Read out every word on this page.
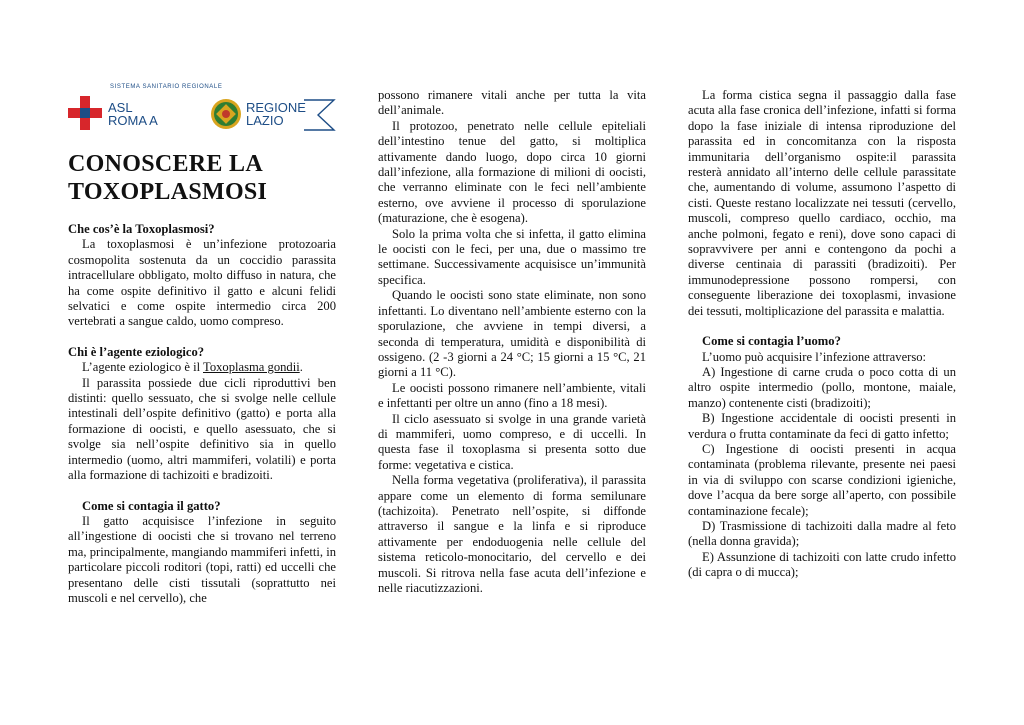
SISTEMA SANITARIO REGIONALE
ASL
ROMA A
REGIONE
LAZIO
CONOSCERE LA
TOXOPLASMOSI

Che cos’è la Toxoplasmosi?

La toxoplasmosi è un’infezione protozoaria cosmopolita sostenuta da un coccidio parassita intracellulare obbligato, molto diffuso in natura, che ha come ospite definitivo il gatto e alcuni felidi selvatici e come ospite intermedio circa 200 vertebrati a sangue caldo, uomo compreso.

Chi è l’agente eziologico?

L’agente eziologico è il Toxoplasma gondii.

Il parassita possiede due cicli riproduttivi ben distinti: quello sessuato, che si svolge nelle cellule intestinali dell’ospite definitivo (gatto) e porta alla formazione di oocisti, e quello asessuato, che si svolge sia nell’ospite definitivo sia in quello intermedio (uomo, altri mammiferi, volatili) e porta alla formazione di tachizoiti e bradizoiti.

Come si contagia il gatto?

Il gatto acquisisce l’infezione in seguito all’ingestione di oocisti che si trovano nel terreno ma, principalmente, mangiando mammiferi infetti, in particolare piccoli roditori (topi, ratti) ed uccelli che presentano delle cisti tissutali (soprattutto nei muscoli e nel cervello), che

possono rimanere vitali anche per tutta la vita dell’animale.

Il protozoo, penetrato nelle cellule epiteliali dell’intestino tenue del gatto, si moltiplica attivamente dando luogo, dopo circa 10 giorni dall’infezione, alla formazione di milioni di oocisti, che verranno eliminate con le feci nell’ambiente esterno, ove avviene il processo di sporulazione (maturazione, che è esogena).

Solo la prima volta che si infetta, il gatto elimina le oocisti con le feci, per una, due o massimo tre settimane. Successivamente acquisisce un’immunità specifica.

Quando le oocisti sono state eliminate, non sono infettanti. Lo diventano nell’ambiente esterno con la sporulazione, che avviene in tempi diversi, a seconda di temperatura, umidità e disponibilità di ossigeno. (2 -3 giorni a 24 °C; 15 giorni a 15 °C, 21 giorni a 11 °C).

Le oocisti possono rimanere nell’ambiente, vitali e infettanti per oltre un anno (fino a 18 mesi).

Il ciclo asessuato si svolge in una grande varietà di mammiferi, uomo compreso, e di uccelli. In questa fase il toxoplasma si presenta sotto due forme: vegetativa e cistica.

Nella forma vegetativa (proliferativa), il parassita appare come un elemento di forma semilunare (tachizoita). Penetrato nell’ospite, si diffonde attraverso il sangue e la linfa e si riproduce attivamente per endoduogenia nelle cellule del sistema reticolo-monocitario, del cervello e dei muscoli. Si ritrova nella fase acuta dell’infezione e nelle riacutizzazioni.

La forma cistica segna il passaggio dalla fase acuta alla fase cronica dell’infezione, infatti si forma dopo la fase iniziale di intensa riproduzione del parassita ed in concomitanza con la risposta immunitaria dell’organismo ospite:il parassita resterà annidato all’interno delle cellule parassitate che, aumentando di volume, assumono l’aspetto di cisti. Queste restano localizzate nei tessuti (cervello, muscoli, compreso quello cardiaco, occhio, ma anche polmoni, fegato e reni), dove sono capaci di sopravvivere per anni e contengono da pochi a diverse centinaia di parassiti (bradizoiti). Per immunodepressione possono rompersi, con conseguente liberazione dei toxoplasmi, invasione dei tessuti, moltiplicazione del parassita e malattia.

Come si contagia l’uomo?

L’uomo può acquisire l’infezione attraverso:

A) Ingestione di carne cruda o poco cotta di un altro ospite intermedio (pollo, montone, maiale, manzo) contenente cisti (bradizoiti);

B) Ingestione accidentale di oocisti presenti in verdura o frutta contaminate da feci di gatto infetto;

C) Ingestione di oocisti presenti in acqua contaminata (problema rilevante, presente nei paesi in via di sviluppo con scarse condizioni igieniche, dove l’acqua da bere sorge all’aperto, con possibile contaminazione fecale);

D) Trasmissione di tachizoiti dalla madre al feto (nella donna gravida);

E) Assunzione di tachizoiti con latte crudo infetto (di capra o di mucca);
